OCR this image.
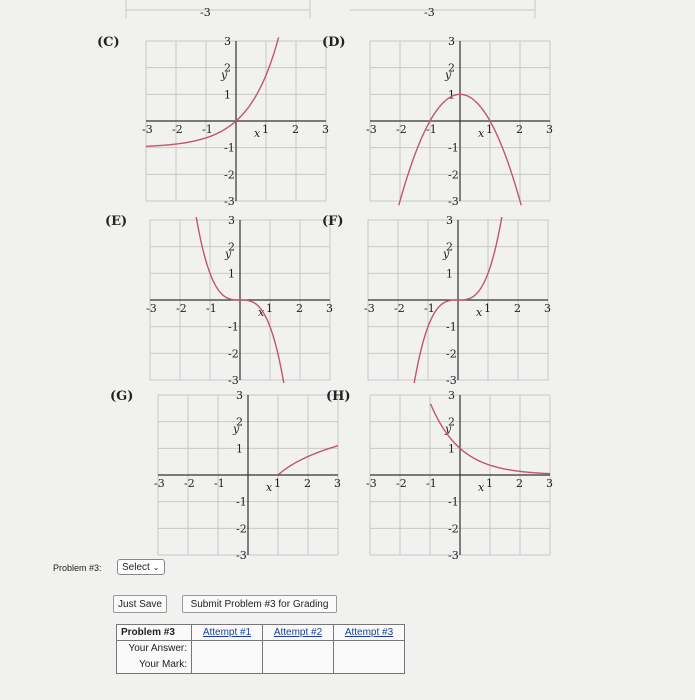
-3	-3
(C)
-3 -2 -1	1 2 3
3
2
1
-1
-2
-3
x
y
(D)
-3 -2 -1	1 2 3
3
2
1
-1
-2
-3
x
y
(E)
-3 -2 -1	1 2 3
3
2
1
-1
-2
-3
x
y
(F)
-3 -2 -1	1 2 3
3
2
1
-1
-2
-3
x
y
(G)
-3 -2 -1	1 2 3
3
2
1
-1
-2
-3
x
y
(H)
-3 -2 -1	1 2 3
3
2
1
-1
-2
-3
x
y
Problem #3: Select ⌄
Just Save	Submit Problem #3 for Grading
Problem #3	Attempt #1	Attempt #2	Attempt #3
Your Answer:			
Your Mark:			
